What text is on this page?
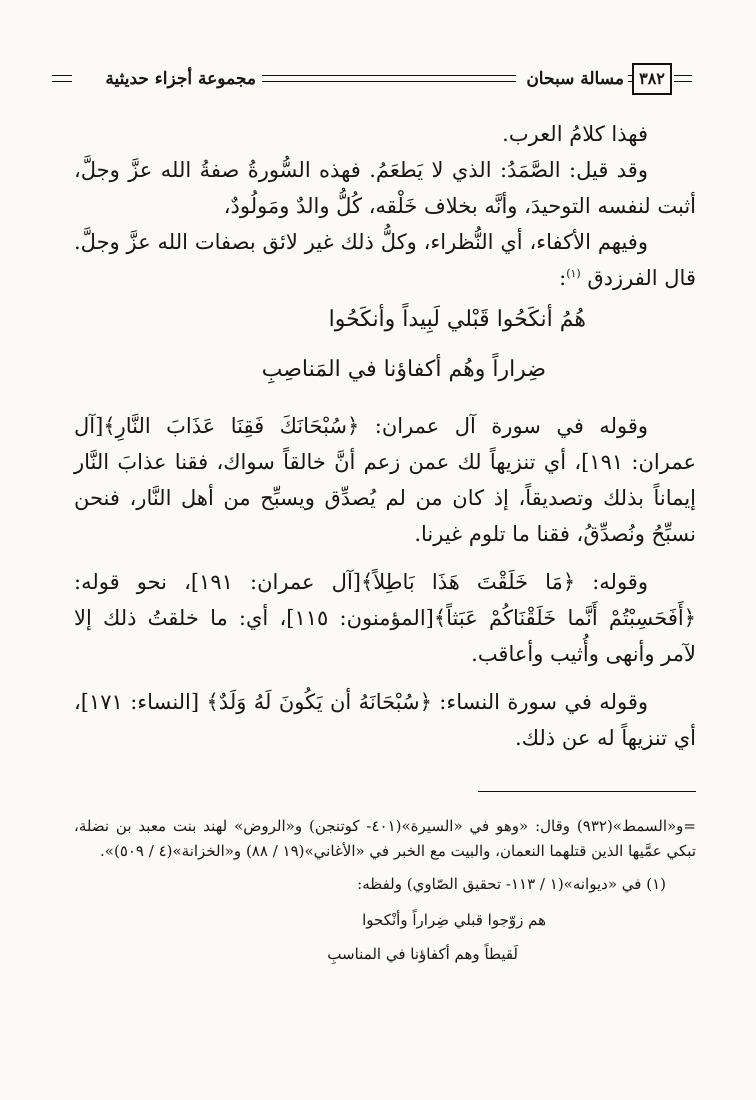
٣٨٢
مسالة سبحان
مجموعة أجزاء حديثية

فهذا كلامُ العرب.

وقد قيل: الصَّمَدُ: الذي لا يَطعَمُ. فهذه السُّورةُ صفةُ الله عزَّ وجلَّ، أثبت لنفسه التوحيدَ، وأنَّه بخلاف خَلْقه، كُلُّ والدٌ ومَولُودٌ،

وفيهم الأكفاء، أي النُّظراء، وكلُّ ذلك غير لائق بصفات الله عزَّ وجلَّ. قال الفرزدق $^{(١)}$:

هُمُ أنكَحُوا قَبْلي لَبِيداً وأنكَحُوا
ضِراراً وهُم أكفاؤنا في المَناصِبِ

وقوله في سورة آل عمران: ﴿سُبْحَانَكَ فَقِنَا عَذَابَ النَّارِ﴾[آل عمران: ١٩١]، أي تنزيهاً لك عمن زعم أنَّ خالقاً سواك، فقنا عذابَ النَّار إيماناً بذلك وتصديقاً، إذ كان من لم يُصدِّق ويسبِّح من أهل النَّار، فنحن نسبِّحُ ونُصدِّقُ، فقنا ما تلوم غيرنا.

وقوله: ﴿مَا خَلَقْتَ هَذَا بَاطِلاً﴾[آل عمران: ١٩١]، نحو قوله: ﴿أَفَحَسِبْتُمْ أَنَّما خَلَقْنَاكُمْ عَبَثاً﴾[المؤمنون: ١١٥]، أي: ما خلقتُ ذلك إلا لآمر وأنهى وأُثيب وأعاقب.

وقوله في سورة النساء: ﴿سُبْحَانَهُ أن يَكُونَ لَهُ وَلَدٌ﴾ [النساء: ١٧١]، أي تنزيهاً له عن ذلك.

=و«السمط»(٩٣٢) وقال: «وهو في «السيرة»(٤٠١- كوتنجن) و«الروض» لهند بنت معبد بن نضلة، تبكي عمَّيها الذين قتلهما النعمان، والبيت مع الخبر في «الأغاني»(١٩ / ٨٨) و«الخزانة»(٤ / ٥٠٩)».

(١) في «ديوانه»(١ / ١١٣- تحقيق الصّاوي) ولفظه:

هم زوّجوا قبلي ضِراراً وأنْكحوا
لَقيطاً وهم أكفاؤنا في المناسبِ
